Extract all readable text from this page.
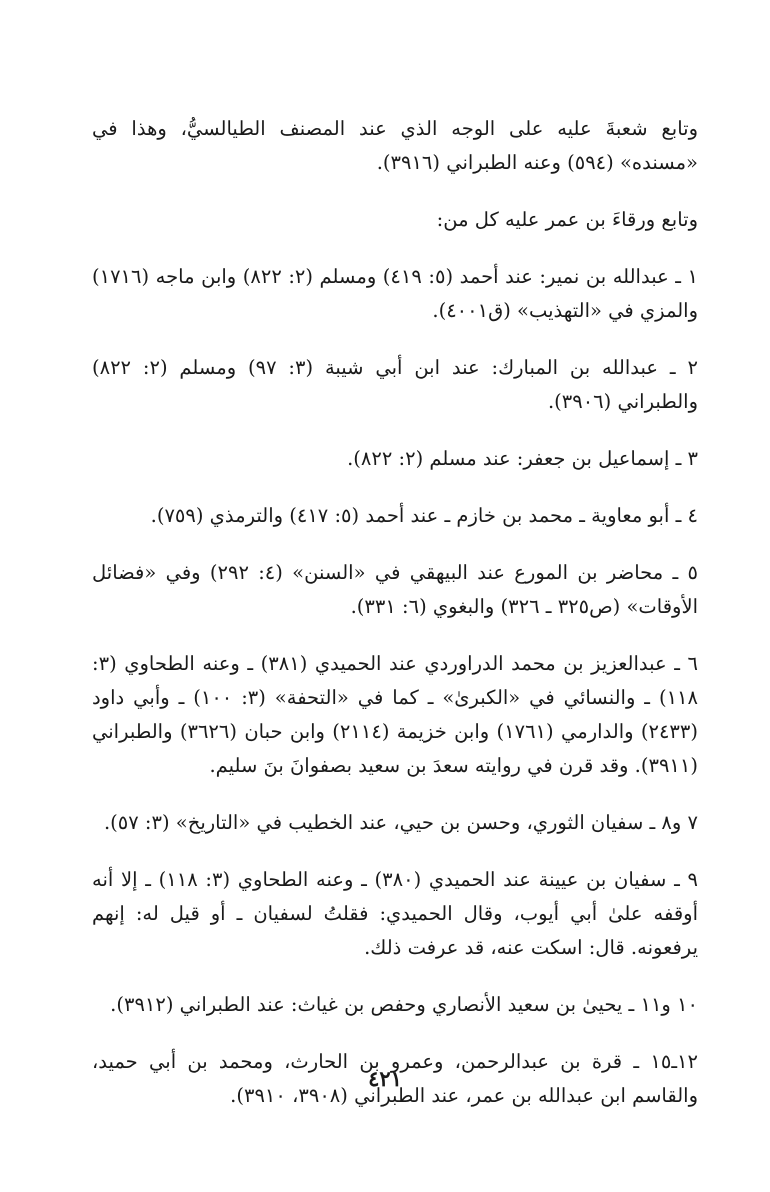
وتابع شعبةَ عليه على الوجه الذي عند المصنف الطيالسيُّ، وهذا في «مسنده» (٥٩٤) وعنه الطبراني (٣٩١٦).

وتابع ورقاءَ بن عمر عليه كل من:

١ ـ عبدالله بن نمير: عند أحمد (٥: ٤١٩) ومسلم (٢: ٨٢٢) وابن ماجه (١٧١٦) والمزي في «التهذيب» (ق٤٠٠١).

٢ ـ عبدالله بن المبارك: عند ابن أبي شيبة (٣: ٩٧) ومسلم (٢: ٨٢٢) والطبراني (٣٩٠٦).

٣ ـ إسماعيل بن جعفر: عند مسلم (٢: ٨٢٢).

٤ ـ أبو معاوية ـ محمد بن خازم ـ عند أحمد (٥: ٤١٧) والترمذي (٧٥٩).

٥ ـ محاضر بن المورع عند البيهقي في «السنن» (٤: ٢٩٢) وفي «فضائل الأوقات» (ص٣٢٥ ـ ٣٢٦) والبغوي (٦: ٣٣١).

٦ ـ عبدالعزيز بن محمد الدراوردي عند الحميدي (٣٨١) ـ وعنه الطحاوي (٣: ١١٨) ـ والنسائي في «الكبرىٰ» ـ كما في «التحفة» (٣: ١٠٠) ـ وأبي داود (٢٤٣٣) والدارمي (١٧٦١) وابن خزيمة (٢١١٤) وابن حبان (٣٦٢٦) والطبراني (٣٩١١). وقد قرن في روايته سعدَ بن سعيد بصفوانَ بنَ سليم.

٧ و٨ ـ سفيان الثوري، وحسن بن حيي، عند الخطيب في «التاريخ» (٣: ٥٧).

٩ ـ سفيان بن عيينة عند الحميدي (٣٨٠) ـ وعنه الطحاوي (٣: ١١٨) ـ إلا أنه أوقفه علىٰ أبي أيوب، وقال الحميدي: فقلتُ لسفيان ـ أو قيل له: إنهم يرفعونه. قال: اسكت عنه، قد عرفت ذلك.

١٠ و١١ ـ يحيىٰ بن سعيد الأنصاري وحفص بن غياث: عند الطبراني (٣٩١٢).

١٢ـ١٥ ـ قرة بن عبدالرحمن، وعمرو بن الحارث، ومحمد بن أبي حميد، والقاسم ابن عبدالله بن عمر، عند الطبراني (٣٩٠٨، ٣٩١٠).

٤٢١
